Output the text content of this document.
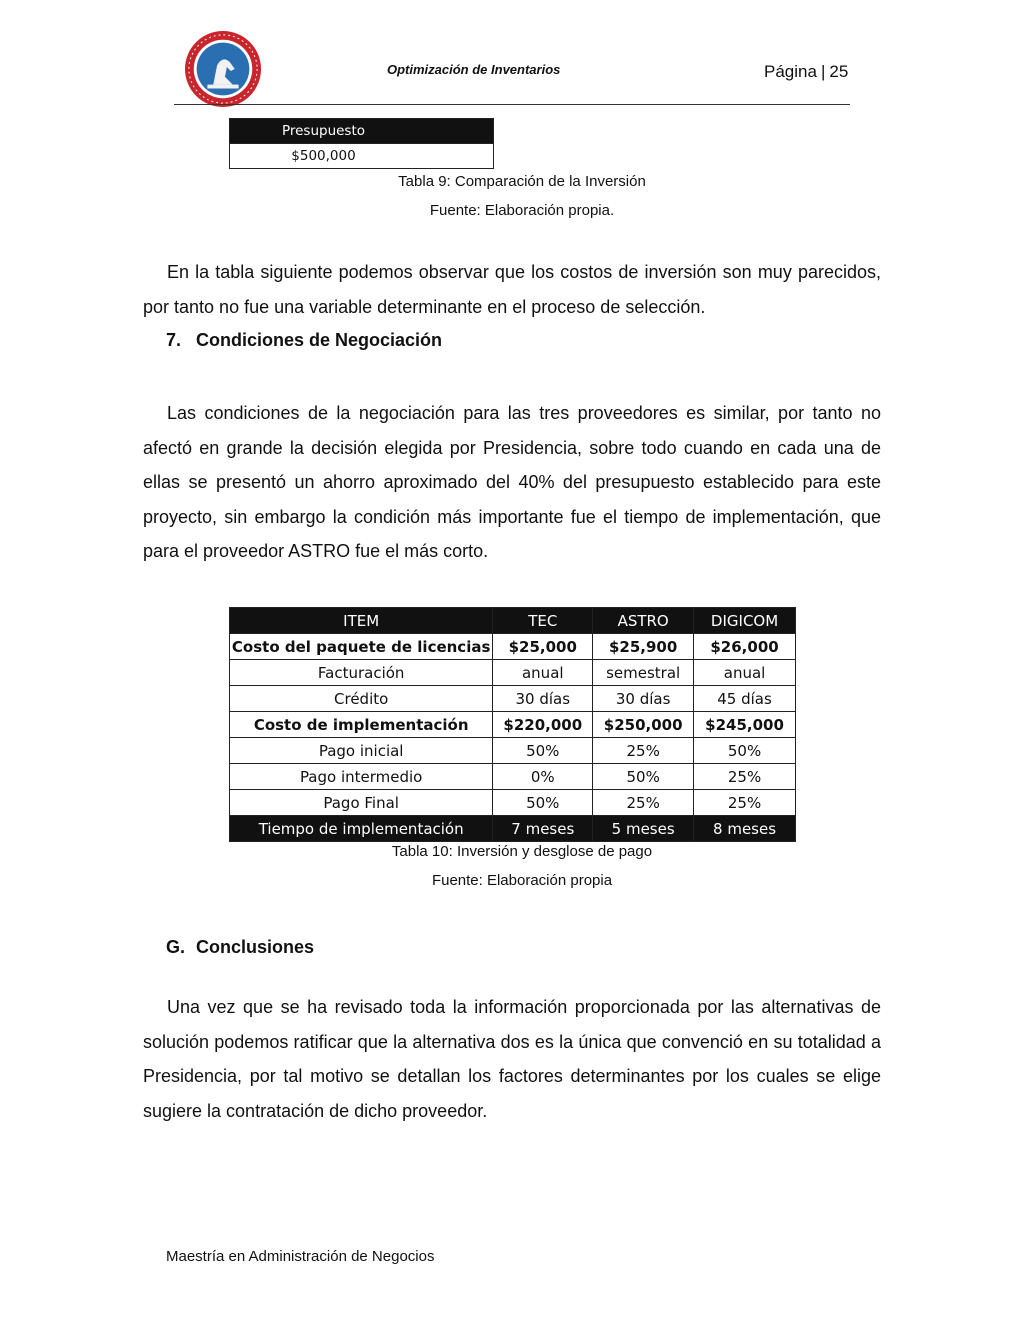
Optimización de Inventarios	Página | 25
Presupuesto
$500,000
Tabla 9: Comparación de la Inversión
Fuente: Elaboración propia.
En la tabla siguiente podemos observar que los costos de inversión son muy parecidos, por tanto no fue una variable determinante en el proceso de selección.
7. Condiciones de Negociación
Las condiciones de la negociación para las tres proveedores es similar, por tanto no afectó en grande la decisión elegida por Presidencia, sobre todo cuando en cada una de ellas se presentó un ahorro aproximado del 40% del presupuesto establecido para este proyecto, sin embargo la condición más importante fue el tiempo de implementación, que para el proveedor ASTRO fue el más corto.
ITEM	TEC	ASTRO	DIGICOM
Costo del paquete de licencias	$25,000	$25,900	$26,000
Facturación	anual	semestral	anual
Crédito	30 días	30 días	45 días
Costo de implementación	$220,000	$250,000	$245,000
Pago inicial	50%	25%	50%
Pago intermedio	0%	50%	25%
Pago Final	50%	25%	25%
Tiempo de implementación	7 meses	5 meses	8 meses
Tabla 10: Inversión y desglose de pago
Fuente: Elaboración propia
G. Conclusiones
Una vez que se ha revisado toda la información proporcionada por las alternativas de solución podemos ratificar que la alternativa dos es la única que convenció en su totalidad a Presidencia, por tal motivo se detallan los factores determinantes por los cuales se elige sugiere la contratación de dicho proveedor.
Maestría en Administración de Negocios
